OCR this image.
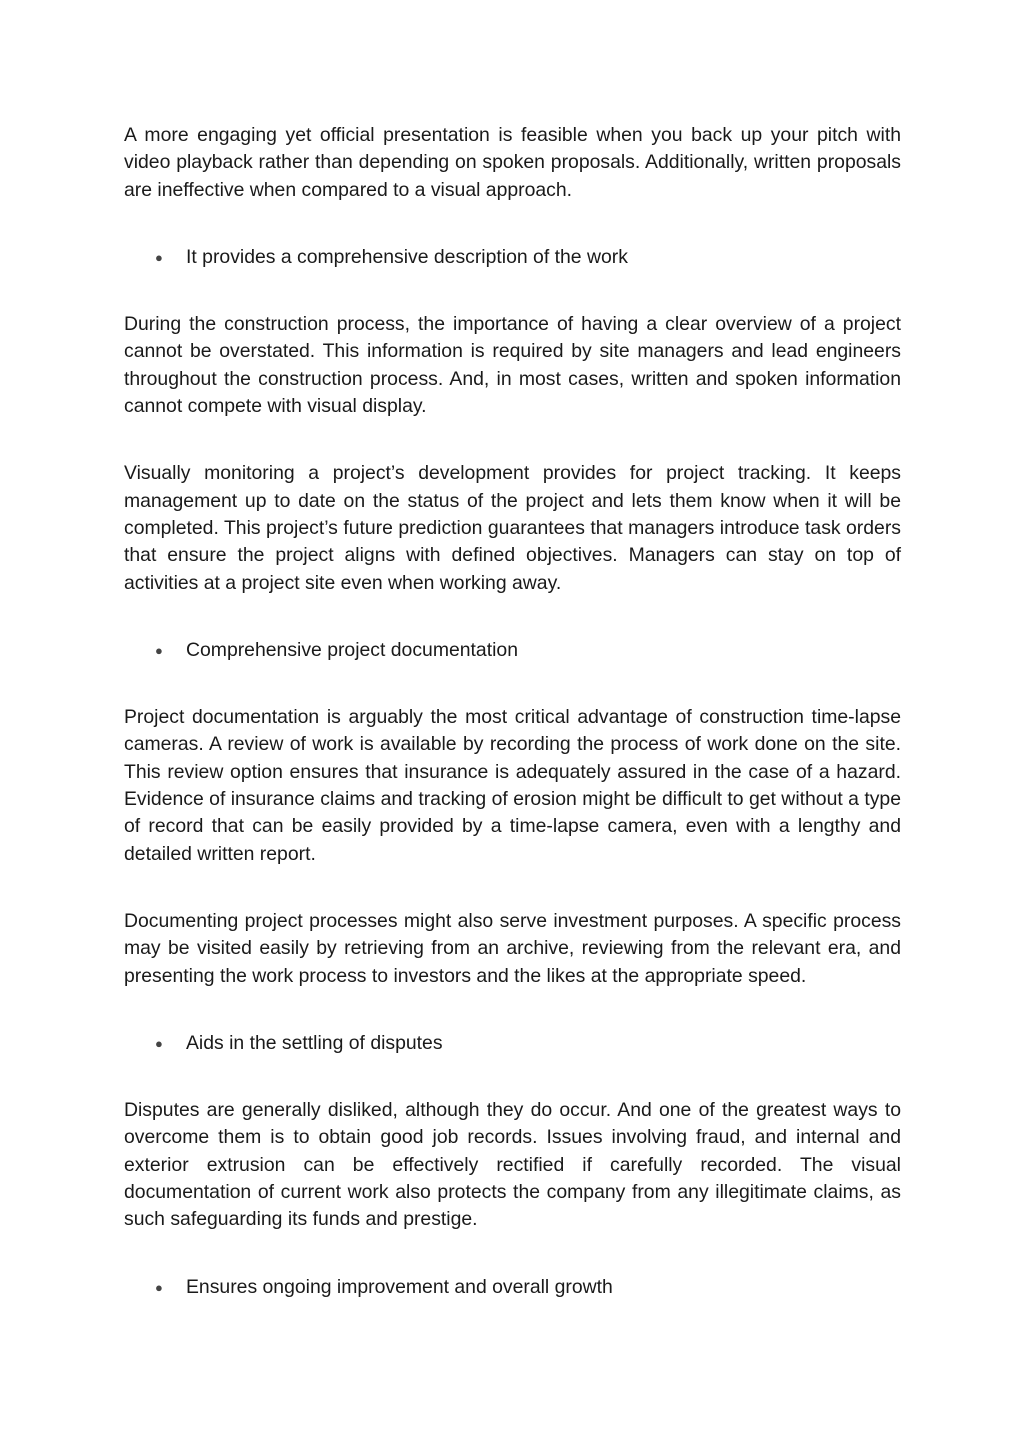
A more engaging yet official presentation is feasible when you back up your pitch with video playback rather than depending on spoken proposals. Additionally, written proposals are ineffective when compared to a visual approach.

● It provides a comprehensive description of the work

During the construction process, the importance of having a clear overview of a project cannot be overstated. This information is required by site managers and lead engineers throughout the construction process. And, in most cases, written and spoken information cannot compete with visual display.

Visually monitoring a project’s development provides for project tracking. It keeps management up to date on the status of the project and lets them know when it will be completed. This project’s future prediction guarantees that managers introduce task orders that ensure the project aligns with defined objectives. Managers can stay on top of activities at a project site even when working away.

● Comprehensive project documentation

Project documentation is arguably the most critical advantage of construction time-lapse cameras. A review of work is available by recording the process of work done on the site. This review option ensures that insurance is adequately assured in the case of a hazard. Evidence of insurance claims and tracking of erosion might be difficult to get without a type of record that can be easily provided by a time-lapse camera, even with a lengthy and detailed written report.

Documenting project processes might also serve investment purposes. A specific process may be visited easily by retrieving from an archive, reviewing from the relevant era, and presenting the work process to investors and the likes at the appropriate speed.

● Aids in the settling of disputes

Disputes are generally disliked, although they do occur. And one of the greatest ways to overcome them is to obtain good job records. Issues involving fraud, and internal and exterior extrusion can be effectively rectified if carefully recorded. The visual documentation of current work also protects the company from any illegitimate claims, as such safeguarding its funds and prestige.

● Ensures ongoing improvement and overall growth
